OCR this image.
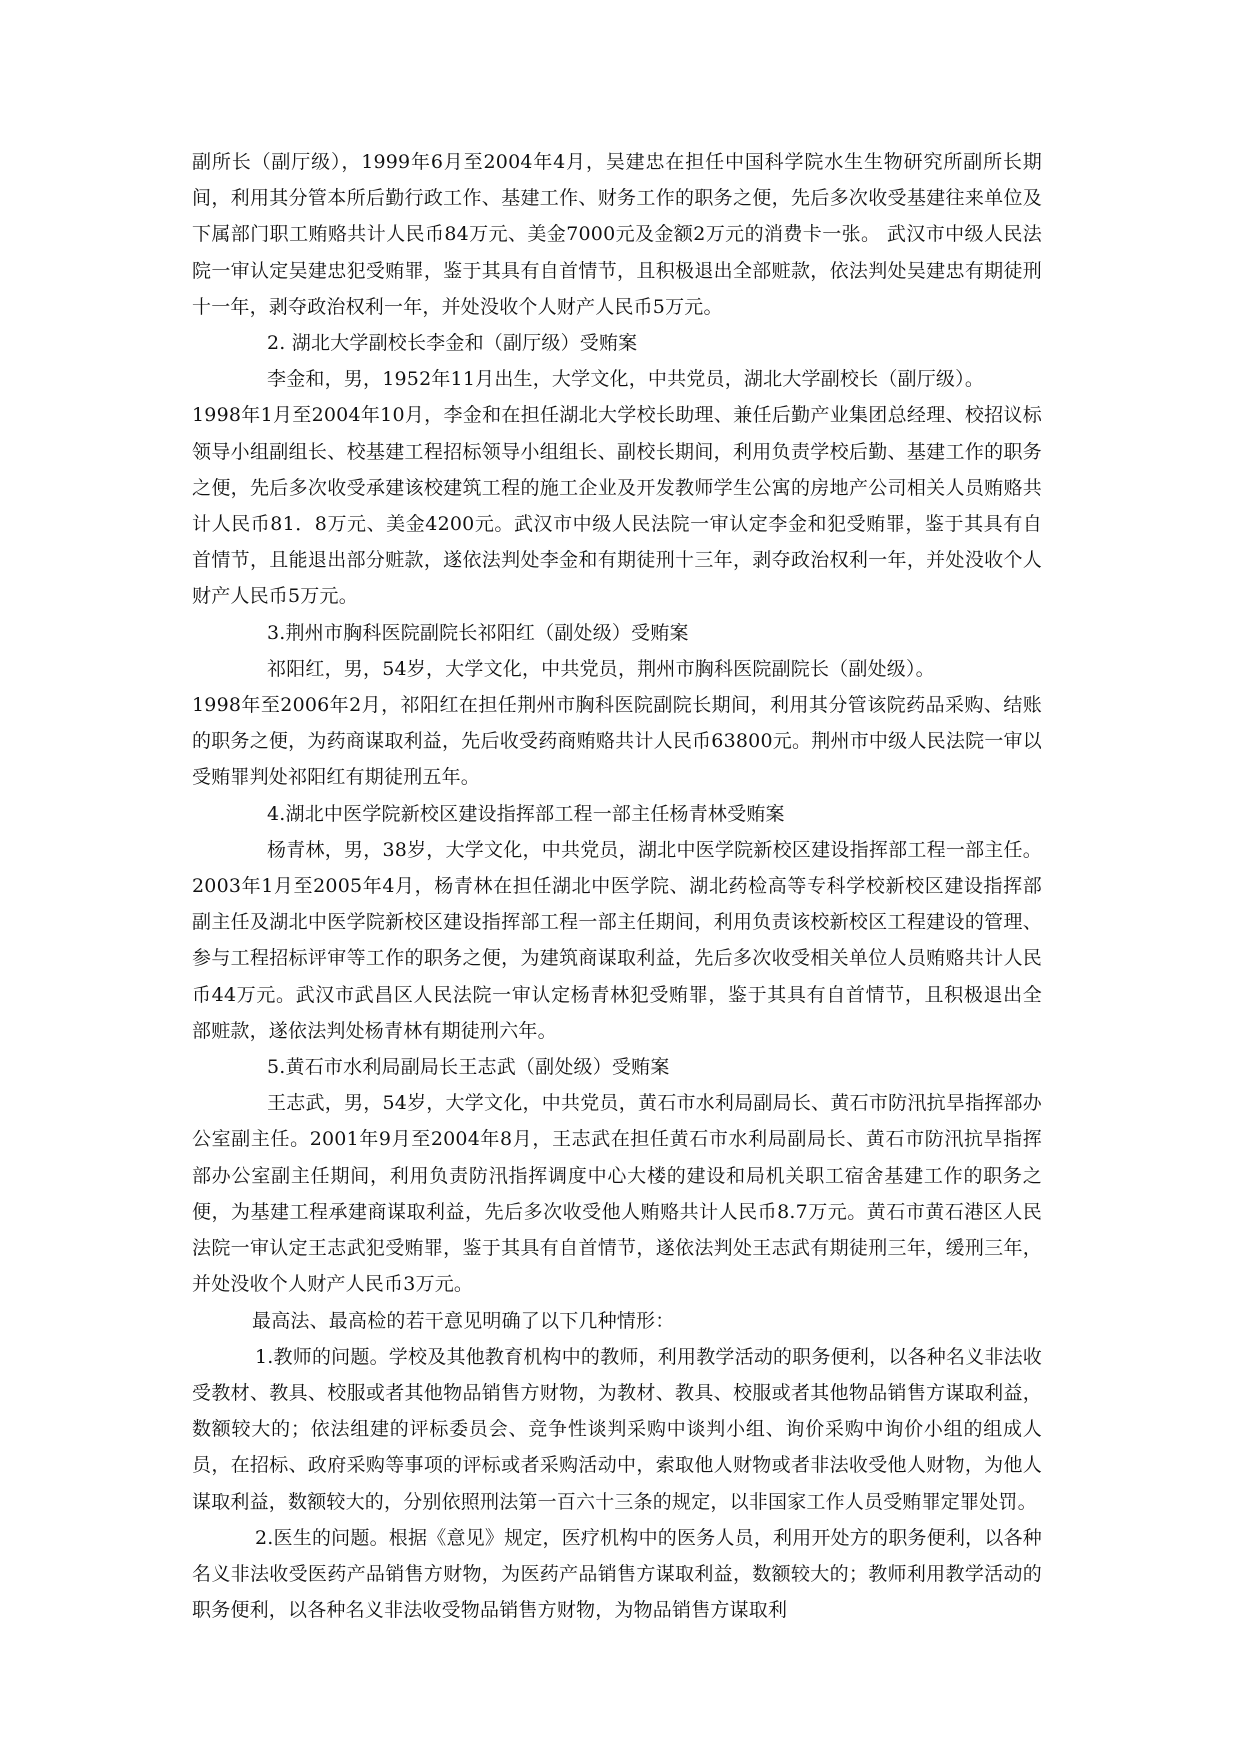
副所长（副厅级），1999年6月至2004年4月，吴建忠在担任中国科学院水生生物研究所副所长期间，利用其分管本所后勤行政工作、基建工作、财务工作的职务之便，先后多次收受基建往来单位及下属部门职工贿赂共计人民币84万元、美金7000元及金额2万元的消费卡一张。 武汉市中级人民法院一审认定吴建忠犯受贿罪，鉴于其具有自首情节，且积极退出全部赃款，依法判处吴建忠有期徒刑十一年，剥夺政治权利一年，并处没收个人财产人民币5万元。

2. 湖北大学副校长李金和（副厅级）受贿案

李金和，男，1952年11月出生，大学文化，中共党员，湖北大学副校长（副厅级）。

1998年1月至2004年10月，李金和在担任湖北大学校长助理、兼任后勤产业集团总经理、校招议标领导小组副组长、校基建工程招标领导小组组长、副校长期间，利用负责学校后勤、基建工作的职务之便，先后多次收受承建该校建筑工程的施工企业及开发教师学生公寓的房地产公司相关人员贿赂共计人民币81．8万元、美金4200元。武汉市中级人民法院一审认定李金和犯受贿罪，鉴于其具有自首情节，且能退出部分赃款，遂依法判处李金和有期徒刑十三年，剥夺政治权利一年，并处没收个人财产人民币5万元。

3.荆州市胸科医院副院长祁阳红（副处级）受贿案

祁阳红，男，54岁，大学文化，中共党员，荆州市胸科医院副院长（副处级）。

1998年至2006年2月，祁阳红在担任荆州市胸科医院副院长期间，利用其分管该院药品采购、结账的职务之便，为药商谋取利益，先后收受药商贿赂共计人民币63800元。荆州市中级人民法院一审以受贿罪判处祁阳红有期徒刑五年。

4.湖北中医学院新校区建设指挥部工程一部主任杨青林受贿案

杨青林，男，38岁，大学文化，中共党员，湖北中医学院新校区建设指挥部工程一部主任。2003年1月至2005年4月，杨青林在担任湖北中医学院、湖北药检高等专科学校新校区建设指挥部副主任及湖北中医学院新校区建设指挥部工程一部主任期间，利用负责该校新校区工程建设的管理、参与工程招标评审等工作的职务之便，为建筑商谋取利益，先后多次收受相关单位人员贿赂共计人民币44万元。武汉市武昌区人民法院一审认定杨青林犯受贿罪，鉴于其具有自首情节，且积极退出全部赃款，遂依法判处杨青林有期徒刑六年。

5.黄石市水利局副局长王志武（副处级）受贿案

王志武，男，54岁，大学文化，中共党员，黄石市水利局副局长、黄石市防汛抗旱指挥部办公室副主任。2001年9月至2004年8月，王志武在担任黄石市水利局副局长、黄石市防汛抗旱指挥部办公室副主任期间，利用负责防汛指挥调度中心大楼的建设和局机关职工宿舍基建工作的职务之便，为基建工程承建商谋取利益，先后多次收受他人贿赂共计人民币8.7万元。黄石市黄石港区人民法院一审认定王志武犯受贿罪，鉴于其具有自首情节，遂依法判处王志武有期徒刑三年，缓刑三年，并处没收个人财产人民币3万元。

最高法、最高检的若干意见明确了以下几种情形：

1.教师的问题。学校及其他教育机构中的教师，利用教学活动的职务便利，以各种名义非法收受教材、教具、校服或者其他物品销售方财物，为教材、教具、校服或者其他物品销售方谋取利益，数额较大的；依法组建的评标委员会、竞争性谈判采购中谈判小组、询价采购中询价小组的组成人员，在招标、政府采购等事项的评标或者采购活动中，索取他人财物或者非法收受他人财物，为他人谋取利益，数额较大的，分别依照刑法第一百六十三条的规定，以非国家工作人员受贿罪定罪处罚。

2.医生的问题。根据《意见》规定，医疗机构中的医务人员，利用开处方的职务便利，以各种名义非法收受医药产品销售方财物，为医药产品销售方谋取利益，数额较大的；教师利用教学活动的职务便利，以各种名义非法收受物品销售方财物，为物品销售方谋取利
